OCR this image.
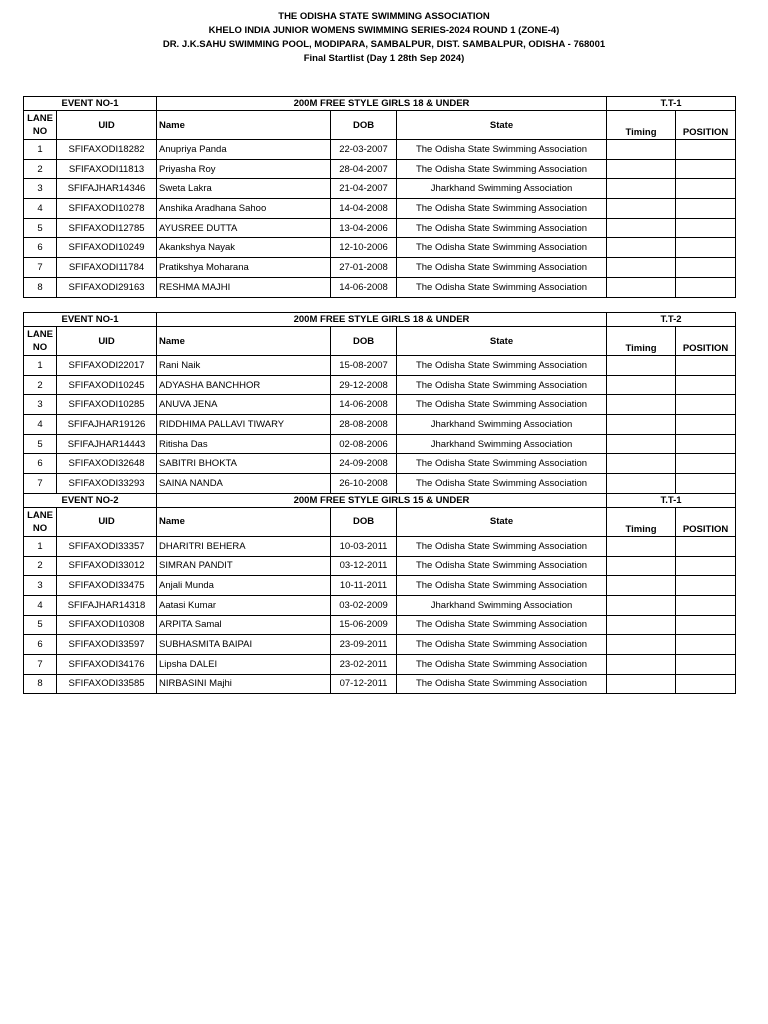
THE ODISHA STATE SWIMMING ASSOCIATION
KHELO INDIA JUNIOR WOMENS SWIMMING SERIES-2024 ROUND 1 (ZONE-4)
DR. J.K.SAHU SWIMMING POOL, MODIPARA, SAMBALPUR, DIST. SAMBALPUR, ODISHA - 768001
Final Startlist (Day 1 28th Sep 2024)
EVENT NO-1		200M FREE STYLE GIRLS 18 & UNDER			T.T-1	
LANE NO	UID	Name	DOB	State	Timing	POSITION
1	SFIFAXODI18282	Anupriya Panda	22-03-2007	The Odisha State Swimming Association		
2	SFIFAXODI11813	Priyasha Roy	28-04-2007	The Odisha State Swimming Association		
3	SFIFAJHAR14346	Sweta Lakra	21-04-2007	Jharkhand Swimming Association		
4	SFIFAXODI10278	Anshika Aradhana Sahoo	14-04-2008	The Odisha State Swimming Association		
5	SFIFAXODI12785	AYUSREE DUTTA	13-04-2006	The Odisha State Swimming Association		
6	SFIFAXODI10249	Akankshya Nayak	12-10-2006	The Odisha State Swimming Association		
7	SFIFAXODI11784	Pratikshya Moharana	27-01-2008	The Odisha State Swimming Association		
8	SFIFAXODI29163	RESHMA MAJHI	14-06-2008	The Odisha State Swimming Association		
EVENT NO-1		200M FREE STYLE GIRLS 18 & UNDER			T.T-2	
LANE NO	UID	Name	DOB	State	Timing	POSITION
1	SFIFAXODI22017	Rani Naik	15-08-2007	The Odisha State Swimming Association		
2	SFIFAXODI10245	ADYASHA BANCHHOR	29-12-2008	The Odisha State Swimming Association		
3	SFIFAXODI10285	ANUVA JENA	14-06-2008	The Odisha State Swimming Association		
4	SFIFAJHAR19126	RIDDHIMA PALLAVI TIWARY	28-08-2008	Jharkhand Swimming Association		
5	SFIFAJHAR14443	Ritisha Das	02-08-2006	Jharkhand Swimming Association		
6	SFIFAXODI32648	SABITRI BHOKTA	24-09-2008	The Odisha State Swimming Association		
7	SFIFAXODI33293	SAINA NANDA	26-10-2008	The Odisha State Swimming Association		
EVENT NO-2		200M FREE STYLE GIRLS 15 & UNDER			T.T-1	
LANE NO	UID	Name	DOB	State	Timing	POSITION
1	SFIFAXODI33357	DHARITRI BEHERA	10-03-2011	The Odisha State Swimming Association		
2	SFIFAXODI33012	SIMRAN PANDIT	03-12-2011	The Odisha State Swimming Association		
3	SFIFAXODI33475	Anjali Munda	10-11-2011	The Odisha State Swimming Association		
4	SFIFAJHAR14318	Aatasi Kumar	03-02-2009	Jharkhand Swimming Association		
5	SFIFAXODI10308	ARPITA Samal	15-06-2009	The Odisha State Swimming Association		
6	SFIFAXODI33597	SUBHASMITA BAIPAI	23-09-2011	The Odisha State Swimming Association		
7	SFIFAXODI34176	Lipsha DALEI	23-02-2011	The Odisha State Swimming Association		
8	SFIFAXODI33585	NIRBASINI Majhi	07-12-2011	The Odisha State Swimming Association		
